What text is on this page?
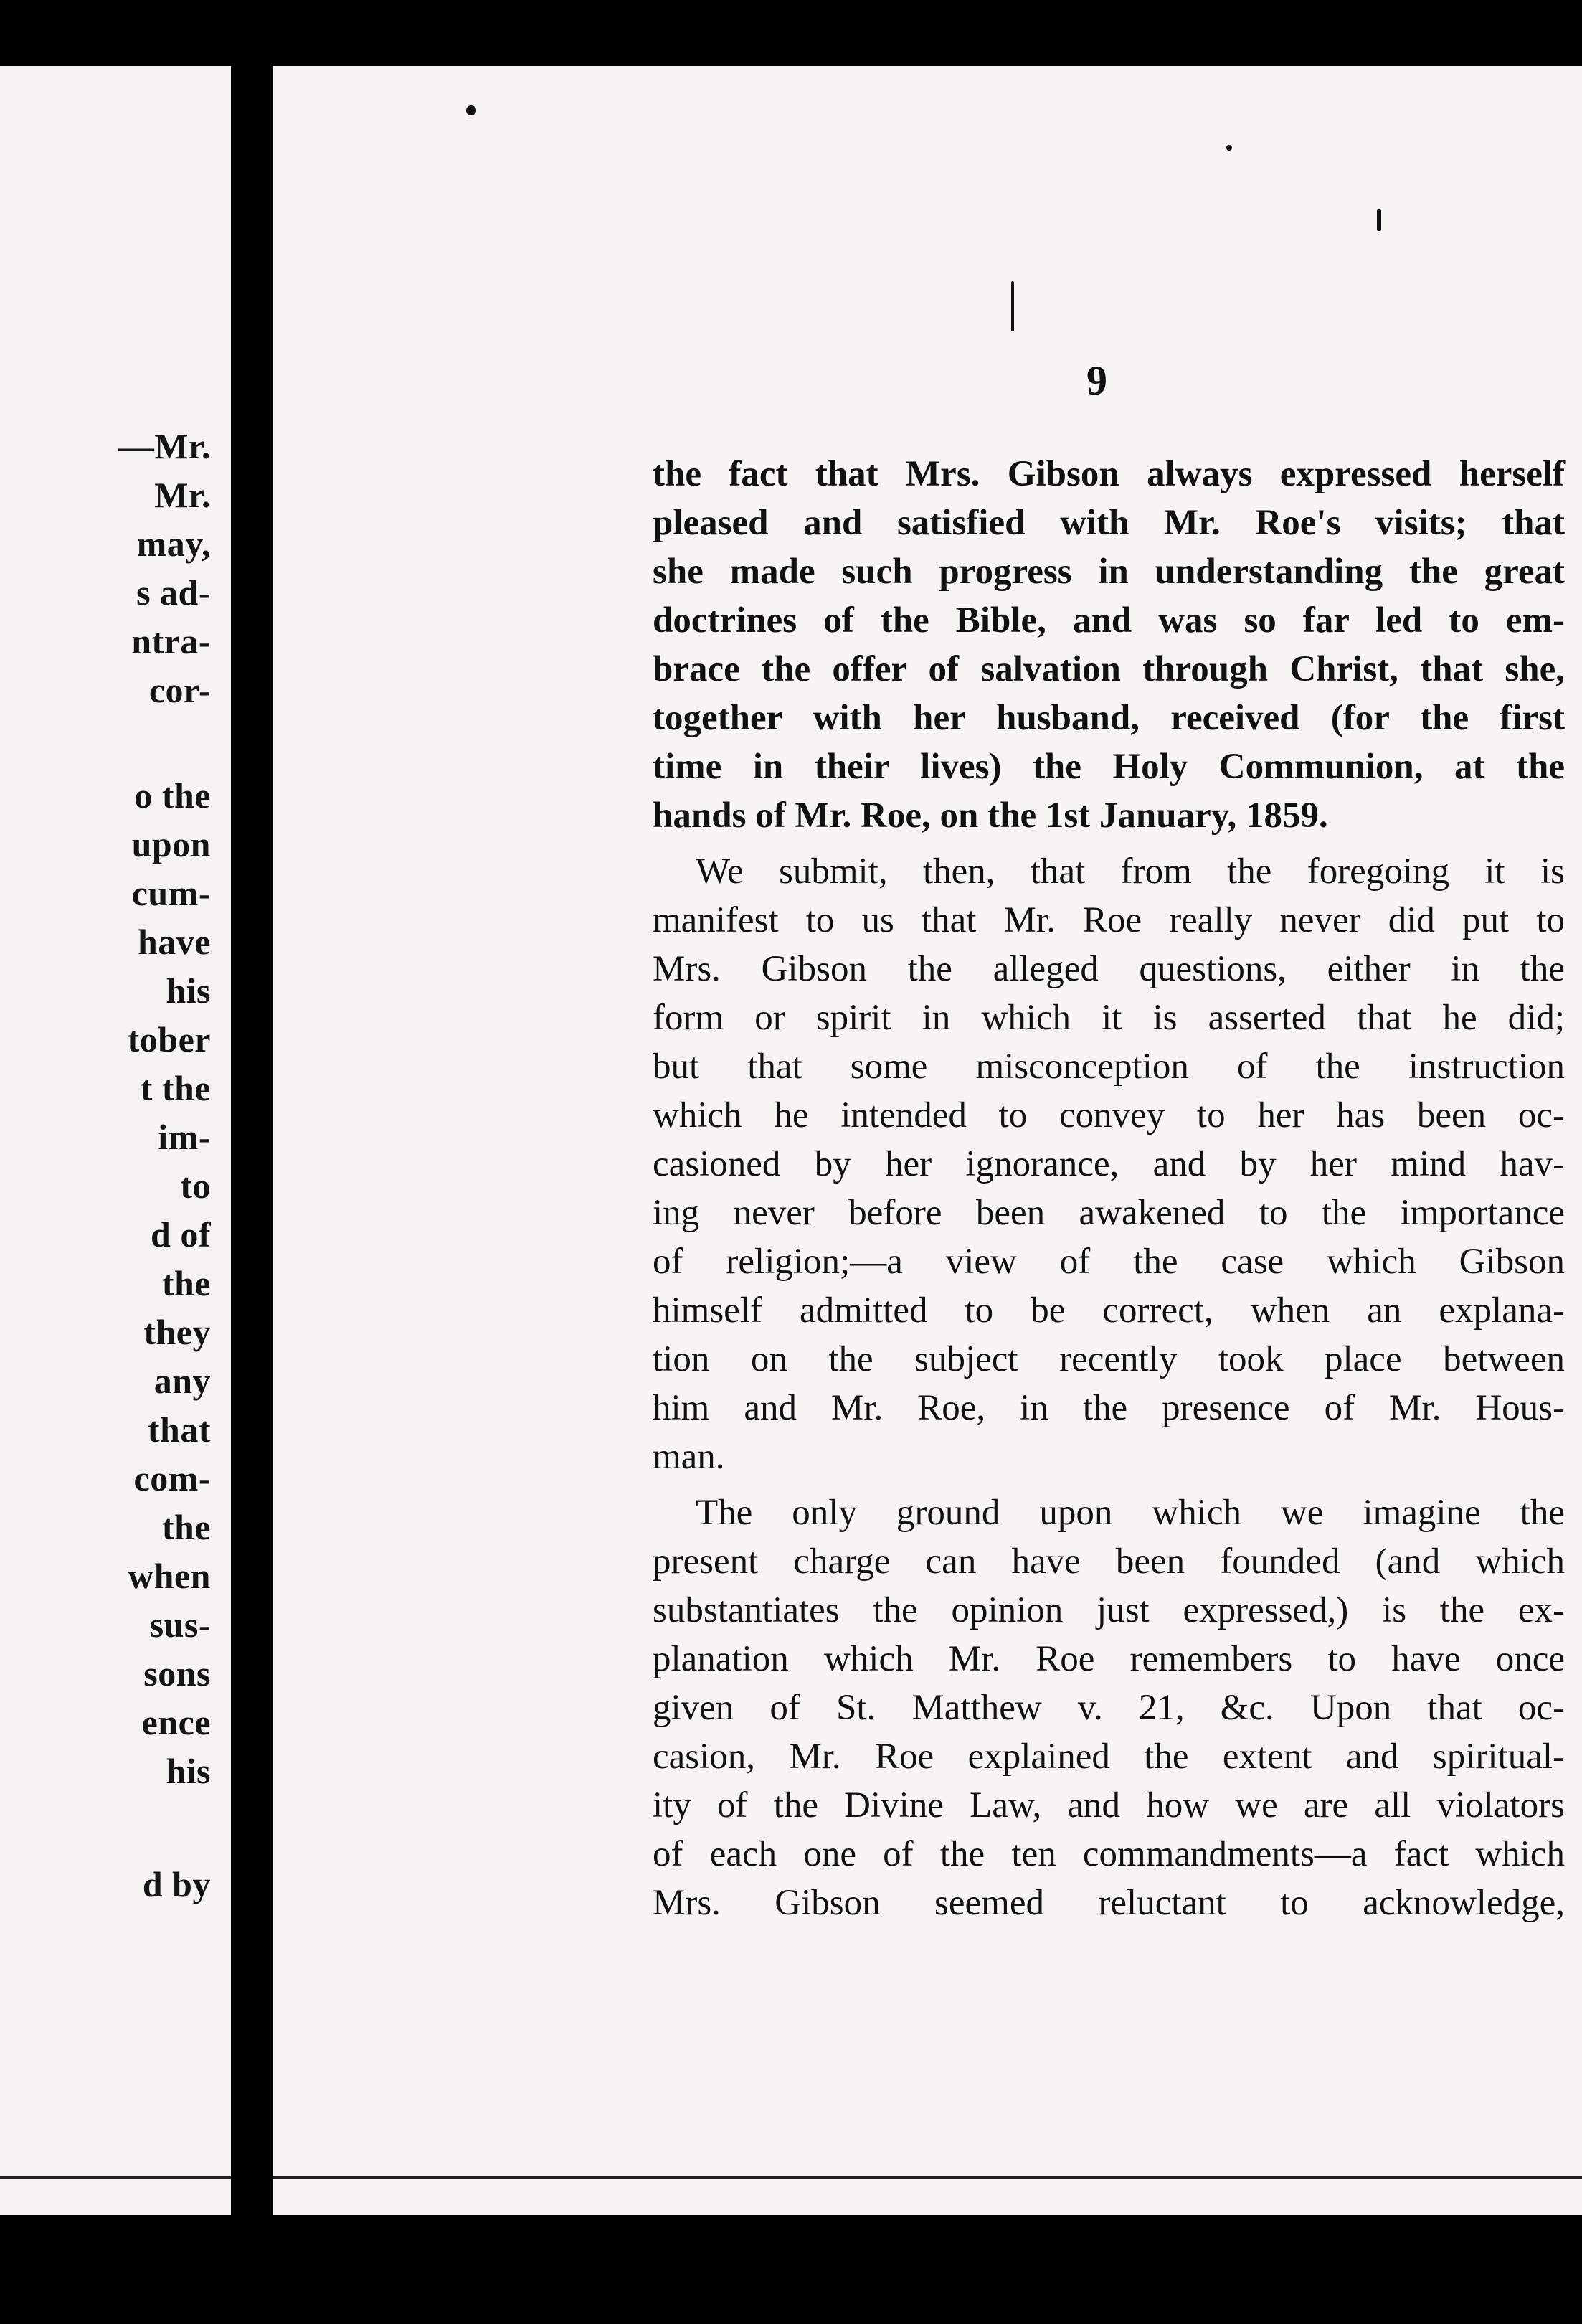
—Mr.

Mr.

may,

s ad-

ntra-

cor-

o the

upon

cum-

have

his

tober

t the

im-

to

d of

the

they

any

that

com-

the

when

sus-

sons

ence

his

d by

9

the fact that Mrs. Gibson always expressed herself

pleased and satisfied with Mr. Roe's visits; that

she made such progress in understanding the great

doctrines of the Bible, and was so far led to em-

brace the offer of salvation through Christ, that she,

together with her husband, received (for the first

time in their lives) the Holy Communion, at the

hands of Mr. Roe, on the 1st January, 1859.

We submit, then, that from the foregoing it is

manifest to us that Mr. Roe really never did put to

Mrs. Gibson the alleged questions, either in the

form or spirit in which it is asserted that he did;

but that some misconception of the instruction

which he intended to convey to her has been oc-

casioned by her ignorance, and by her mind hav-

ing never before been awakened to the importance

of religion;—a view of the case which Gibson

himself admitted to be correct, when an explana-

tion on the subject recently took place between

him and Mr. Roe, in the presence of Mr. Hous-

man.

The only ground upon which we imagine the

present charge can have been founded (and which

substantiates the opinion just expressed,) is the ex-

planation which Mr. Roe remembers to have once

given of St. Matthew v. 21, &c. Upon that oc-

casion, Mr. Roe explained the extent and spiritual-

ity of the Divine Law, and how we are all violators

of each one of the ten commandments—a fact which

Mrs. Gibson seemed reluctant to acknowledge,
